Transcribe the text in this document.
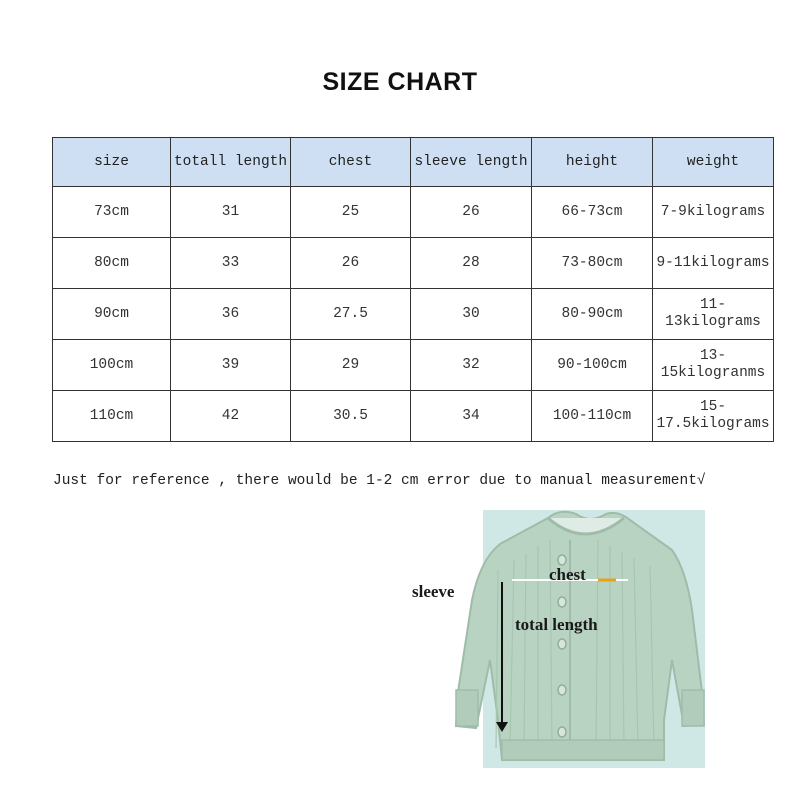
SIZE CHART
size	totall length	chest	sleeve length	height	weight
73cm	31	25	26	66-73cm	7-9kilograms
80cm	33	26	28	73-80cm	9-11kilograms
90cm	36	27.5	30	80-90cm	11-13kilograms
100cm	39	29	32	90-100cm	13-15kilogranms
110cm	42	30.5	34	100-110cm	15-17.5kilograms
Just for reference , there would be 1-2 cm error due to manual measurement√
sleeve
chest
total length
